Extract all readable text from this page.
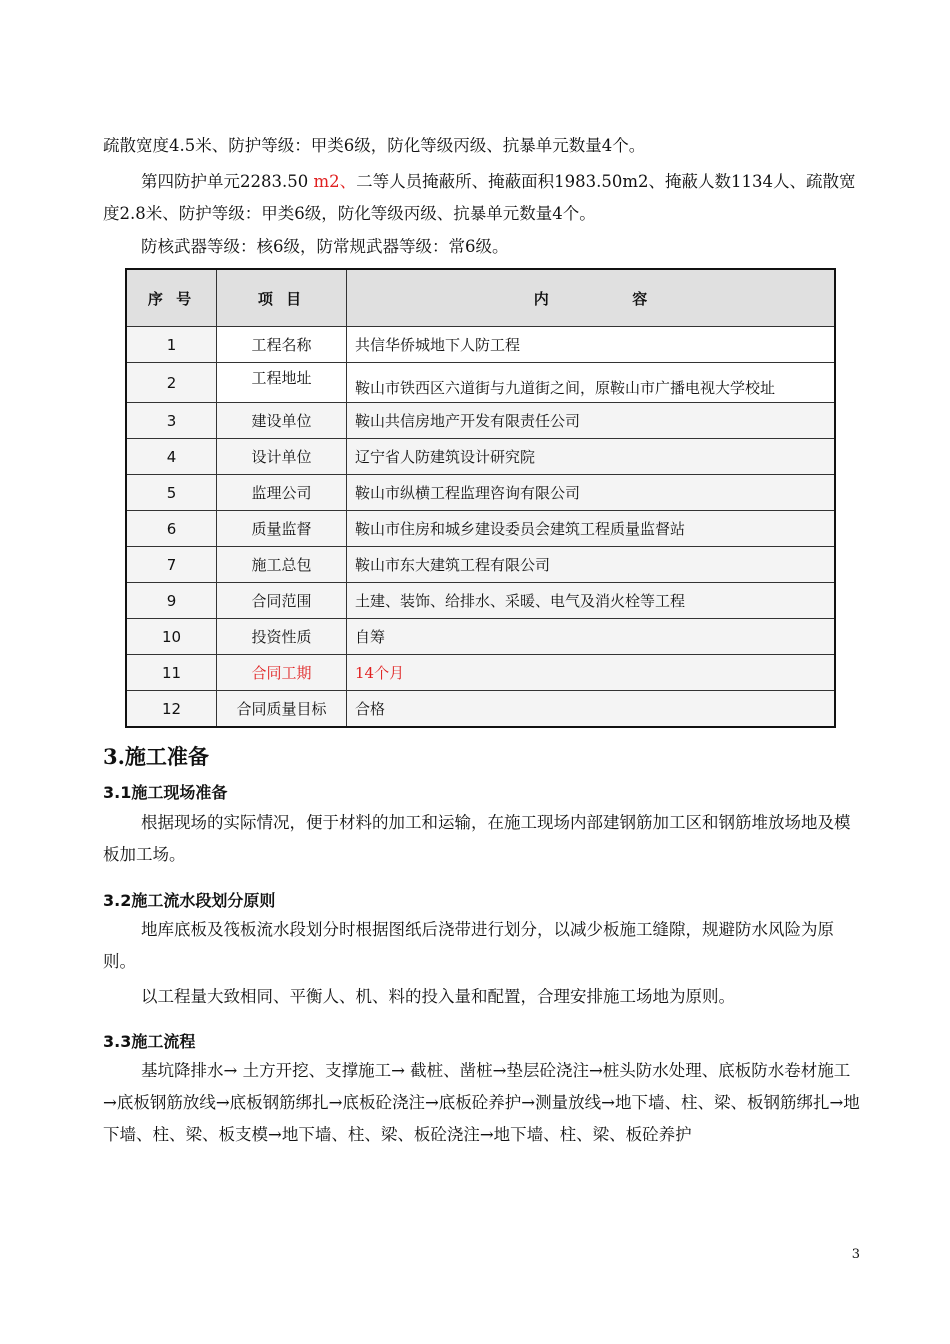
疏散宽度4.5米、防护等级：甲类6级，防化等级丙级、抗暴单元数量4个。

第四防护单元2283.50 m2、二等人员掩蔽所、掩蔽面积1983.50m2、掩蔽人数1134人、疏散宽度2.8米、防护等级：甲类6级，防化等级丙级、抗暴单元数量4个。

防核武器等级：核6级，防常规武器等级：常6级。

序 号	项 目	内                容
1	工程名称	共信华侨城地下人防工程
2	工程地址	鞍山市铁西区六道街与九道街之间，原鞍山市广播电视大学校址
3	建设单位	鞍山共信房地产开发有限责任公司
4	设计单位	辽宁省人防建筑设计研究院
5	监理公司	鞍山市纵横工程监理咨询有限公司
6	质量监督	鞍山市住房和城乡建设委员会建筑工程质量监督站
7	施工总包	鞍山市东大建筑工程有限公司
9	合同范围	土建、装饰、给排水、采暖、电气及消火栓等工程
10	投资性质	自筹
11	合同工期	14个月
12	合同质量目标	合格
3.施工准备
3.1施工现场准备

根据现场的实际情况，便于材料的加工和运输，在施工现场内部建钢筋加工区和钢筋堆放场地及模板加工场。

3.2施工流水段划分原则

地库底板及筏板流水段划分时根据图纸后浇带进行划分，以减少板施工缝隙，规避防水风险为原则。

以工程量大致相同、平衡人、机、料的投入量和配置，合理安排施工场地为原则。

3.3施工流程

基坑降排水→ 土方开挖、支撑施工→ 截桩、凿桩→垫层砼浇注→桩头防水处理、底板防水卷材施工→底板钢筋放线→底板钢筋绑扎→底板砼浇注→底板砼养护→测量放线→地下墙、柱、梁、板钢筋绑扎→地下墙、柱、梁、板支模→地下墙、柱、梁、板砼浇注→地下墙、柱、梁、板砼养护

3
